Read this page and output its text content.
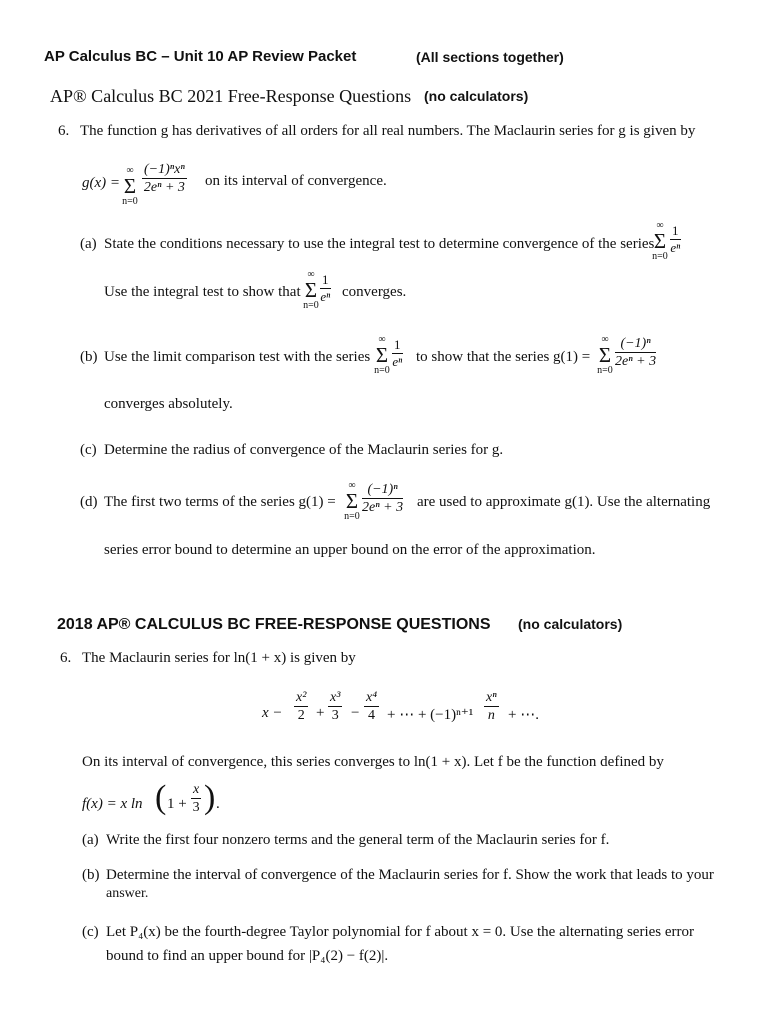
AP Calculus BC – Unit 10 AP Review Packet	(All sections together)
AP® Calculus BC 2021 Free-Response Questions (no calculators)
6. The function g has derivatives of all orders for all real numbers. The Maclaurin series for g is given by
g(x) =
∞
Σ
n=0
(−1)ⁿxⁿ
2eⁿ + 3 on its interval of convergence.
(a) State the conditions necessary to use the integral test to determine convergence of the series
∞
Σ
n=0
$\frac{1}{\text{eⁿ}}$
Use the integral test to show that
∞
Σ
n=0
$\frac{1}{\text{eⁿ}}$ converges.
(b) Use the limit comparison test with the series
∞
Σ
n=0
$\frac{1}{\text{eⁿ}}$ to show that the series g(1) =
∞
Σ
n=0
$\frac{\text{(−1)ⁿ}}{\text{2eⁿ + 3}}$
converges absolutely.
(c) Determine the radius of convergence of the Maclaurin series for g.
(d) The first two terms of the series g(1) =
∞
Σ
n=0
$\frac{\text{(−1)ⁿ}}{\text{2eⁿ + 3}}$ are used to approximate g(1). Use the alternating
series error bound to determine an upper bound on the error of the approximation.
2018 AP® CALCULUS BC FREE-RESPONSE QUESTIONS (no calculators)
6. The Maclaurin series for ln(1 + x) is given by
$x - \frac{\text{x²}}{2} + \frac{\text{x³}}{3} - \frac{\text{x⁴}}{4}$ + ⋯ + $(-1)^{n+1} \frac{\text{xⁿ}}{n}$ + ⋯.
On its interval of convergence, this series converges to ln(1 + x). Let f be the function defined by
f(x) = x ln ( $1 + \frac{x}{3}$ ) .
(a) Write the first four nonzero terms and the general term of the Maclaurin series for f.
(b) Determine the interval of convergence of the Maclaurin series for f. Show the work that leads to your
answer.
(c) Let P₄(x) be the fourth-degree Taylor polynomial for f about x = 0. Use the alternating series error
bound to find an upper bound for |P₄(2) − f(2)|.
